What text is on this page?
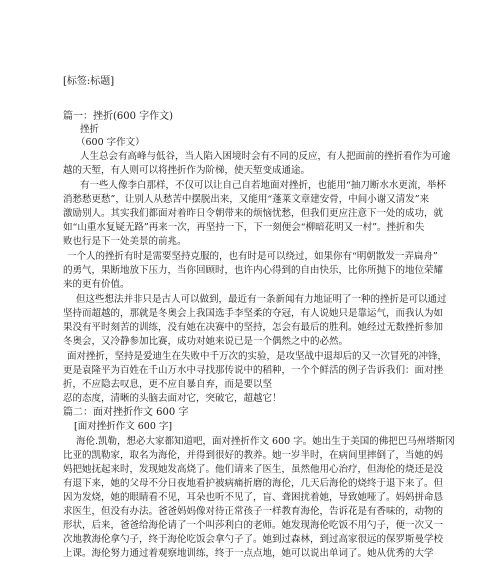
[标签:标题]
篇一：挫折(600 字作文)
挫折
（600 字作文）
人生总会有高峰与低谷，当人陷入困境时会有不同的反应，有人把面前的挫折看作为可逾
越的天堑，有人则可以将挫折作为阶梯，使天堑变成通途。
有一些人像李白那样，不仅可以让自己自若地面对挫折，也能用“抽刀断水水更流，举杯
消愁愁更愁”，让别人从愁苦中摆脱出来，又能用“蓬莱文章建安骨，中间小谢又清发”来
激励别人。其实我们都面对着昨日令朝带来的烦恼忧愁，但我们更应注意下一处的成功，就
如“山重水复疑无路”再来一次，再坚持一下，下一刻便会“柳暗花明又一村”。挫折和失
败也行是下一处美景的前兆。
一个人的挫折有时是需要坚持克服的，也有时是可以绕过，如果你有“明朝散发一弄扁舟”
的勇气，果断地放下压力，当你回顾时，也许内心得到的自由快乐，比你所抛下的地位荣耀
来的更有价值。
但这些想法并非只是古人可以做到，最近有一条新闻有力地证明了一种的挫折是可以通过
坚持而超越的，那就是冬奥会上我国选手李坚柔的夺冠，有人说她只是靠运气，而我认为如
果没有平时刻苦的训练，没有她在决赛中的坚持，怎会有最后的胜利。她经过无数挫折参加
冬奥会，又冷静参加比赛，成功对她来说已是一个偶然之中的必然。
面对挫折，坚持是爱迪生在失败中千万次的实验，是攻坚战中退却后的又一次冒死的冲锋，
更是袁隆平为百姓在千山万水中寻找那传说中的稻种，一个个鲜活的例子告诉我们：面对挫
折，不应隐去叹息，更不应自暴自弃，而是要以坚
忍的态度，清晰的头脑去面对它，突破它，超越它！
篇二：面对挫折作文 600 字
[面对挫折作文 600 字]
海伦.凯勒，想必大家都知道吧，面对挫折作文 600 字。她出生于美国的佛把巴马州塔斯冈
比亚的凯勒家，取名为海伦，并得到很好的教养。她一岁半时，在病间里摔倒了，当她的妈
妈把她抚起来时，发现她发高烧了。他们请来了医生，虽然他用心治疗，但海伦的烧还是没
有退下来，她的父母不分日夜地看护被病痛折磨的海伦，几天后海伦的烧终于退下来了。但
因为发烧，她的眼睛看不见，耳朵也听不见了，盲、聋困扰着她，导致她哑了。妈妈拼命恳
求医生，但没有办法。爸爸妈妈像对待正常孩子一样教育海伦，告诉花是有香味的，动物的
形状，后来，爸爸给海伦请了一个叫莎利白的老师。她发现海伦吃饭不用勺子，便一次又一
次地教海伦拿勺子，终于海伦吃饭会拿勺子了。她到过森林，到过高家很远的保罗斯曼学校
上课。海伦努力通过着观察地训练，终于一点点地，她可以说出单词了。她从优秀的大学
